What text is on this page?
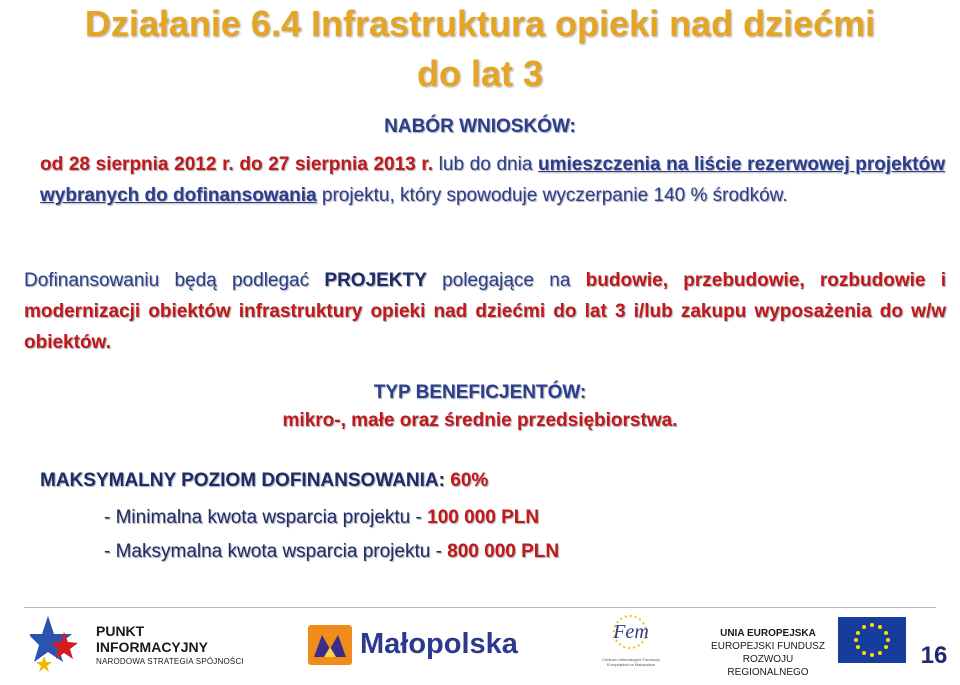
Działanie 6.4 Infrastruktura opieki nad dziećmi
do lat 3
NABÓR WNIOSKÓW:
od 28 sierpnia 2012 r. do 27 sierpnia 2013 r. lub do dnia umieszczenia na liście rezerwowej projektów wybranych do dofinansowania projektu, który spowoduje wyczerpanie 140 % środków.
Dofinansowaniu będą podlegać PROJEKTY polegające na budowie, przebudowie, rozbudowie i modernizacji obiektów infrastruktury opieki nad dziećmi do lat 3 i/lub zakupu wyposażenia do w/w obiektów.
TYP BENEFICJENTÓW:
mikro-, małe oraz średnie przedsiębiorstwa.
MAKSYMALNY POZIOM DOFINANSOWANIA: 60%
- Minimalna kwota wsparcia projektu - 100 000 PLN
- Maksymalna kwota wsparcia projektu - 800 000 PLN
PUNKT
INFORMACYJNY
NARODOWA STRATEGIA SPÓJNOŚCI
Małopolska	Fem
Centrum Informacyjne Funduszy Europejskich w Małopolsce
UNIA EUROPEJSKA
EUROPEJSKI FUNDUSZ
ROZWOJU REGIONALNEGO
16
